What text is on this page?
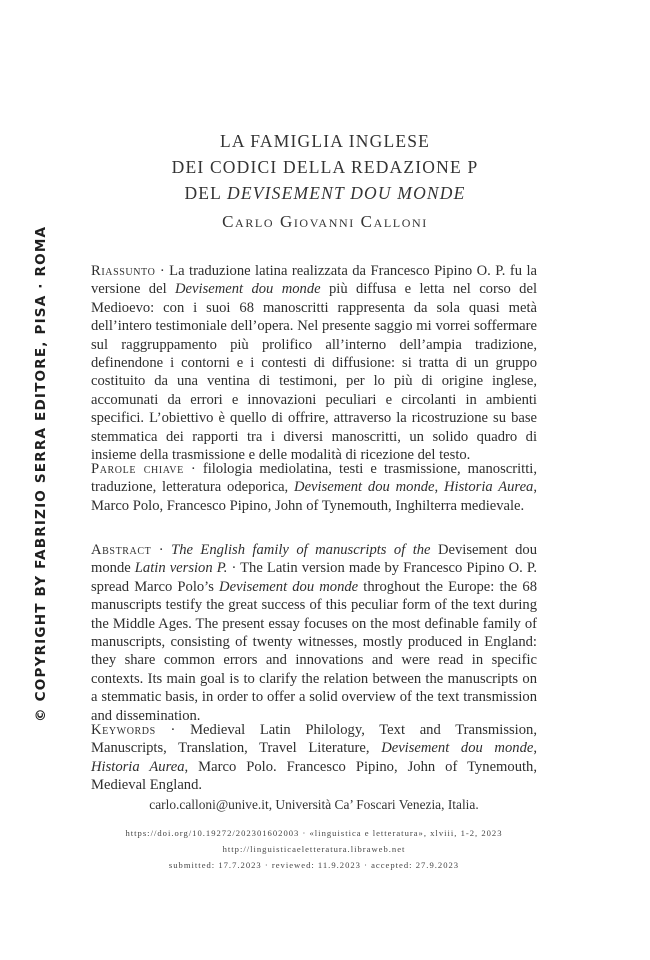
© COPYRIGHT BY FABRIZIO SERRA EDITORE, PISA · ROMA
LA FAMIGLIA INGLESE
DEI CODICI DELLA REDAZIONE P
DEL DEVISEMENT DOU MONDE
Carlo Giovanni Calloni
Riassunto · La traduzione latina realizzata da Francesco Pipino O. P. fu la versione del Devisement dou monde più diffusa e letta nel corso del Medioevo: con i suoi 68 manoscritti rappresenta da sola quasi metà dell’intero testimoniale dell’opera. Nel presente saggio mi vorrei soffermare sul raggruppamento più prolifico all’interno dell’ampia tradizione, definendone i contorni e i contesti di diffusione: si tratta di un gruppo costituito da una ventina di testimoni, per lo più di origine inglese, accomunati da errori e innovazioni peculiari e circolanti in ambienti specifici. L’obiettivo è quello di offrire, attraverso la ricostruzione su base stemmatica dei rapporti tra i diversi manoscritti, un solido quadro di insieme della trasmissione e delle modalità di ricezione del testo.
Parole chiave · filologia mediolatina, testi e trasmissione, manoscritti, traduzione, letteratura odeporica, Devisement dou monde, Historia Aurea, Marco Polo, Francesco Pipino, John of Tynemouth, Inghilterra medievale.
Abstract · The English family of manuscripts of the Devisement dou monde Latin version P. · The Latin version made by Francesco Pipino O. P. spread Marco Polo’s Devisement dou monde throghout the Europe: the 68 manuscripts testify the great success of this peculiar form of the text during the Middle Ages. The present essay focuses on the most definable family of manuscripts, consisting of twenty witnesses, mostly produced in England: they share common errors and innovations and were read in specific contexts. Its main goal is to clarify the relation between the manuscripts on a stemmatic basis, in order to offer a solid overview of the text transmission and dissemination.
Keywords · Medieval Latin Philology, Text and Transmission, Manuscripts, Translation, Travel Literature, Devisement dou monde, Historia Aurea, Marco Polo. Francesco Pipino, John of Tynemouth, Medieval England.
carlo.calloni@unive.it, Università Ca’ Foscari Venezia, Italia.
https://doi.org/10.19272/202301602003 · «linguistica e letteratura», xlviii, 1-2, 2023
http://linguisticaeletteratura.libraweb.net
submitted: 17.7.2023 · reviewed: 11.9.2023 · accepted: 27.9.2023
